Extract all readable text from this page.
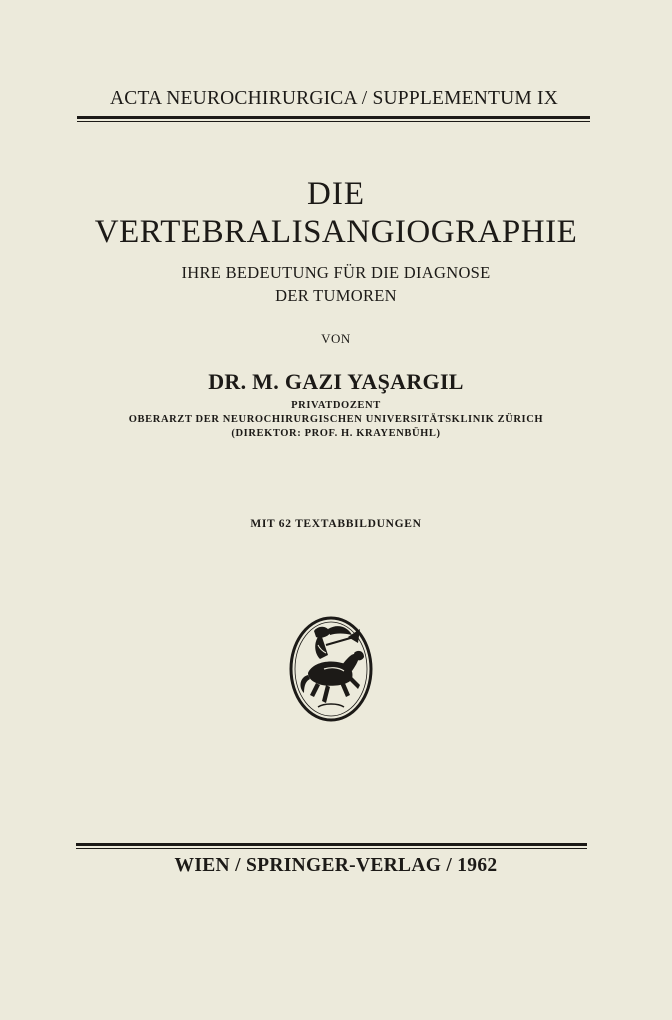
ACTA NEUROCHIRURGICA / SUPPLEMENTUM IX
DIE
VERTEBRALISANGIOGRAPHIE
IHRE BEDEUTUNG FÜR DIE DIAGNOSE
DER TUMOREN
VON
DR. M. GAZI YAŞARGIL
PRIVATDOZENT
OBERARZT DER NEUROCHIRURGISCHEN UNIVERSITÄTSKLINIK ZÜRICH
(DIREKTOR: PROF. H. KRAYENBÜHL)
MIT 62 TEXTABBILDUNGEN
WIEN / SPRINGER-VERLAG / 1962
